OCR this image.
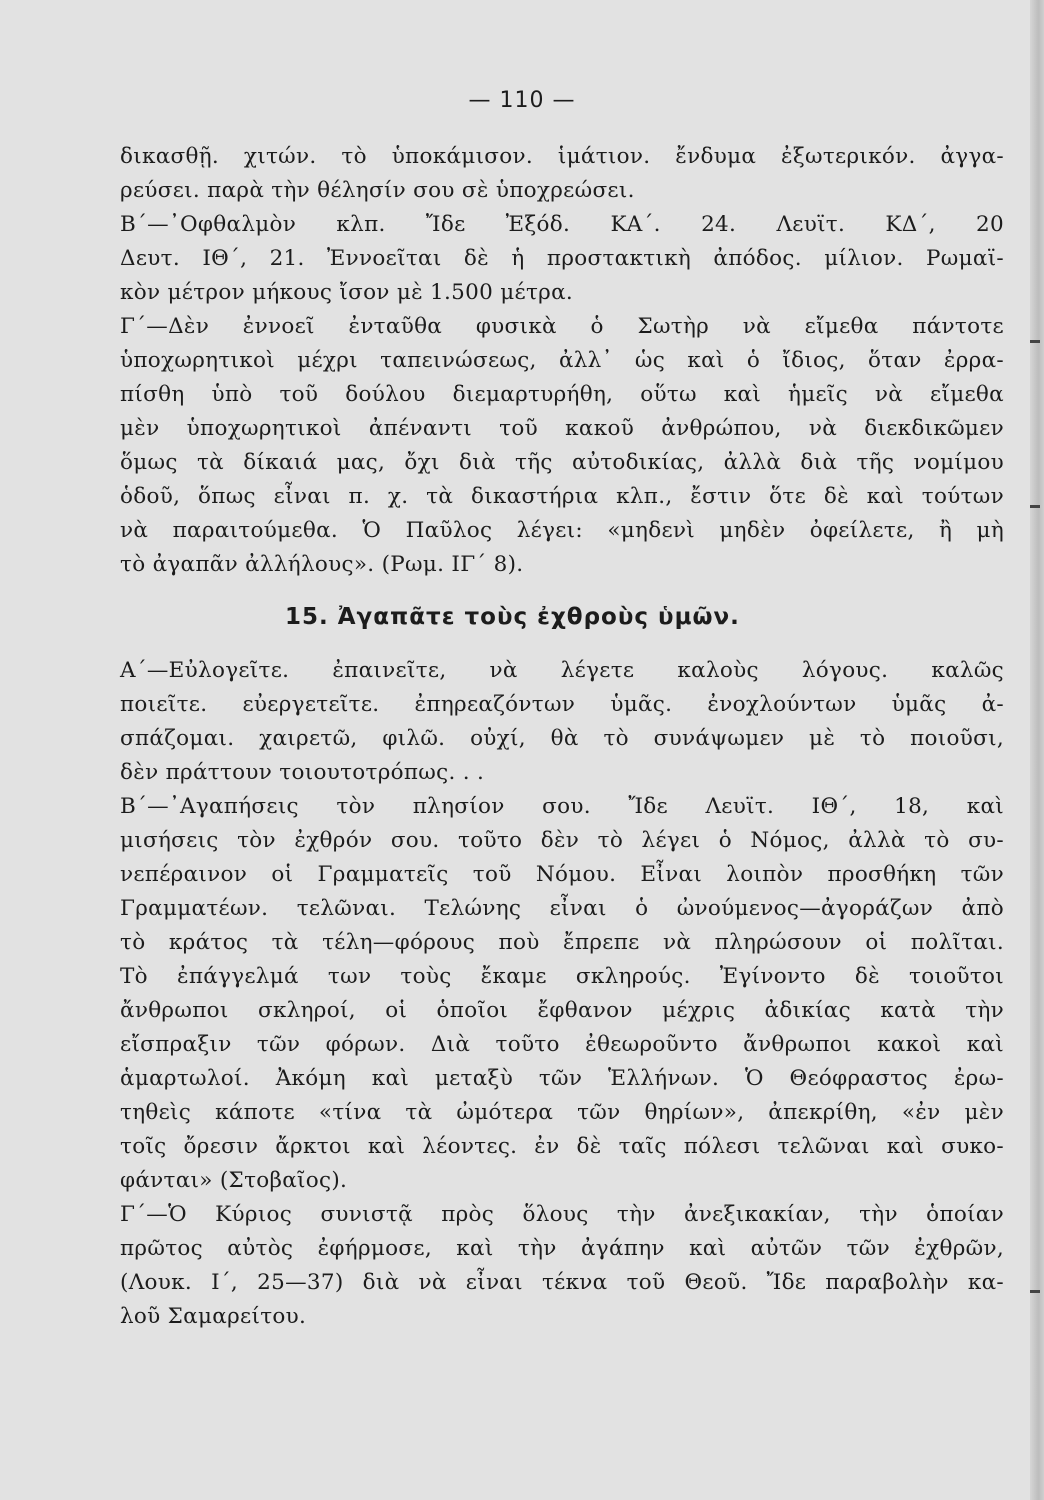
— 110 —
δικασθῇ. χιτών. τὸ ὑποκάμισον. ἱμάτιον. ἔνδυμα ἐξωτερικόν. ἀγγα-
ρεύσει. παρὰ τὴν θέλησίν σου σὲ ὑποχρεώσει.
Β΄—᾿Οφθαλμὸν κλπ. Ἴδε Ἐξόδ. ΚΑ΄. 24. Λευϊτ. ΚΔ΄, 20
Δευτ. ΙΘ΄, 21. Ἐννοεῖται δὲ ἡ προστακτικὴ ἀπόδος. μίλιον. Ρωμαϊ-
κὸν μέτρον μήκους ἴσον μὲ 1.500 μέτρα.
Γ΄—Δὲν ἐννοεῖ ἐνταῦθα φυσικὰ ὁ Σωτὴρ νὰ εἴμεθα πάντοτε
ὑποχωρητικοὶ μέχρι ταπεινώσεως, ἀλλ᾽ ὡς καὶ ὁ ἴδιος, ὅταν ἐρρα-
πίσθη ὑπὸ τοῦ δούλου διεμαρτυρήθη, οὕτω καὶ ἡμεῖς νὰ εἴμεθα
μὲν ὑποχωρητικοὶ ἀπέναντι τοῦ κακοῦ ἀνθρώπου, νὰ διεκδικῶμεν
ὅμως τὰ δίκαιά μας, ὄχι διὰ τῆς αὐτοδικίας, ἀλλὰ διὰ τῆς νομίμου
ὁδοῦ, ὅπως εἶναι π. χ. τὰ δικαστήρια κλπ., ἔστιν ὅτε δὲ καὶ τούτων
νὰ παραιτούμεθα. Ὁ Παῦλος λέγει: «μηδενὶ μηδὲν ὀφείλετε, ἢ μὴ
τὸ ἀγαπᾶν ἀλλήλους». (Ρωμ. ΙΓ΄ 8).
15. Ἀγαπᾶτε τοὺς ἐχθροὺς ὑμῶν.
Α΄—Εὐλογεῖτε. ἐπαινεῖτε, νὰ λέγετε καλοὺς λόγους. καλῶς
ποιεῖτε. εὐεργετεῖτε. ἐπηρεαζόντων ὑμᾶς. ἐνοχλούντων ὑμᾶς ἀ-
σπάζομαι. χαιρετῶ, φιλῶ. οὐχί, θὰ τὸ συνάψωμεν μὲ τὸ ποιοῦσι,
δὲν πράττουν τοιουτοτρόπως. . .
Β΄—᾿Αγαπήσεις τὸν πλησίον σου. Ἴδε Λευϊτ. ΙΘ΄, 18, καὶ
μισήσεις τὸν ἐχθρόν σου. τοῦτο δὲν τὸ λέγει ὁ Νόμος, ἀλλὰ τὸ συ-
νεπέραινον οἱ Γραμματεῖς τοῦ Νόμου. Εἶναι λοιπὸν προσθήκη τῶν
Γραμματέων. τελῶναι. Τελώνης εἶναι ὁ ὠνούμενος—ἀγοράζων ἀπὸ
τὸ κράτος τὰ τέλη—φόρους ποὺ ἔπρεπε νὰ πληρώσουν οἱ πολῖται.
Τὸ ἐπάγγελμά των τοὺς ἔκαμε σκληρούς. Ἐγίνοντο δὲ τοιοῦτοι
ἄνθρωποι σκληροί, οἱ ὁποῖοι ἔφθανον μέχρις ἀδικίας κατὰ τὴν
εἴσπραξιν τῶν φόρων. Διὰ τοῦτο ἐθεωροῦντο ἄνθρωποι κακοὶ καὶ
ἁμαρτωλοί. Ἀκόμη καὶ μεταξὺ τῶν Ἑλλήνων. Ὁ Θεόφραστος ἐρω-
τηθεὶς κάποτε «τίνα τὰ ὠμότερα τῶν θηρίων», ἀπεκρίθη, «ἐν μὲν
τοῖς ὄρεσιν ἄρκτοι καὶ λέοντες. ἐν δὲ ταῖς πόλεσι τελῶναι καὶ συκο-
φάνται» (Στοβαῖος).
Γ΄—Ὁ Κύριος συνιστᾷ πρὸς ὅλους τὴν ἀνεξικακίαν, τὴν ὁποίαν
πρῶτος αὐτὸς ἐφήρμοσε, καὶ τὴν ἀγάπην καὶ αὐτῶν τῶν ἐχθρῶν,
(Λουκ. Ι΄, 25—37) διὰ νὰ εἶναι τέκνα τοῦ Θεοῦ. Ἴδε παραβολὴν κα-
λοῦ Σαμαρείτου.
